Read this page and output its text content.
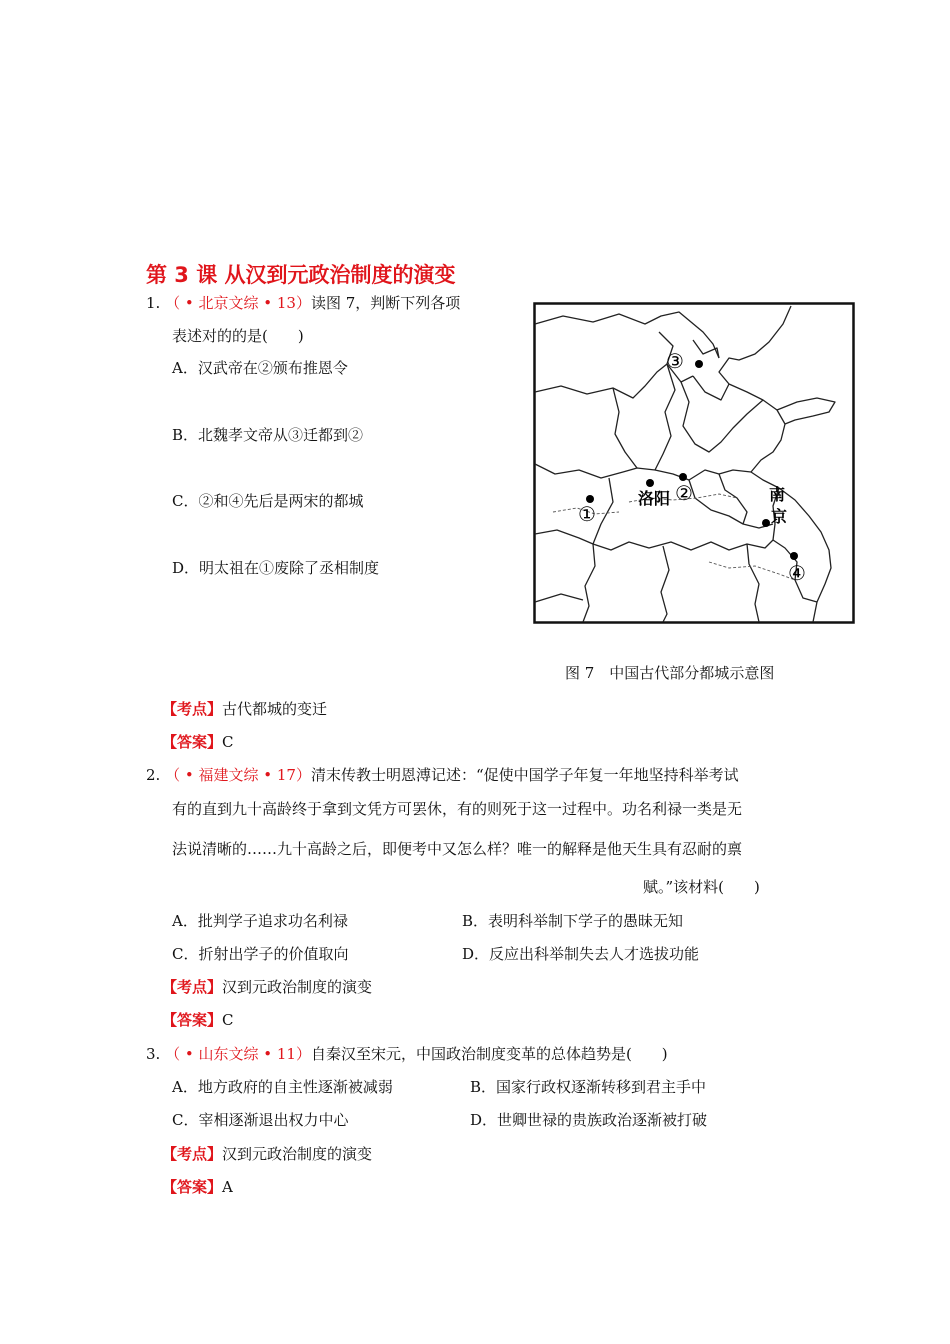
第 3 课 从汉到元政治制度的演变
1. （ • 北京文综 • 13）读图 7，判断下列各项
表述对的的是(　　)
A．汉武帝在②颁布推恩令
B．北魏孝文帝从③迁都到②
C．②和④先后是两宋的都城
D．明太祖在①废除了丞相制度
洛阳	南
京
③
②
①
④
图 7　中国古代部分都城示意图
【考点】古代都城的变迁
【答案】C
2. （ • 福建文综 • 17）清末传教士明恩溥记述：“促使中国学子年复一年地坚持科举考试
有的直到九十高龄终于拿到文凭方可罢休，有的则死于这一过程中。功名利禄一类是无
法说清晰的……九十高龄之后，即便考中又怎么样？唯一的解释是他天生具有忍耐的禀
赋。”该材料(　　)
A．批判学子追求功名利禄	B．表明科举制下学子的愚昧无知
C．折射出学子的价值取向	D．反应出科举制失去人才选拔功能
【考点】汉到元政治制度的演变
【答案】C
3. （ • 山东文综 • 11）自秦汉至宋元，中国政治制度变革的总体趋势是(　　)
A．地方政府的自主性逐渐被减弱	B．国家行政权逐渐转移到君主手中
C．宰相逐渐退出权力中心	D．世卿世禄的贵族政治逐渐被打破
【考点】汉到元政治制度的演变
【答案】A
